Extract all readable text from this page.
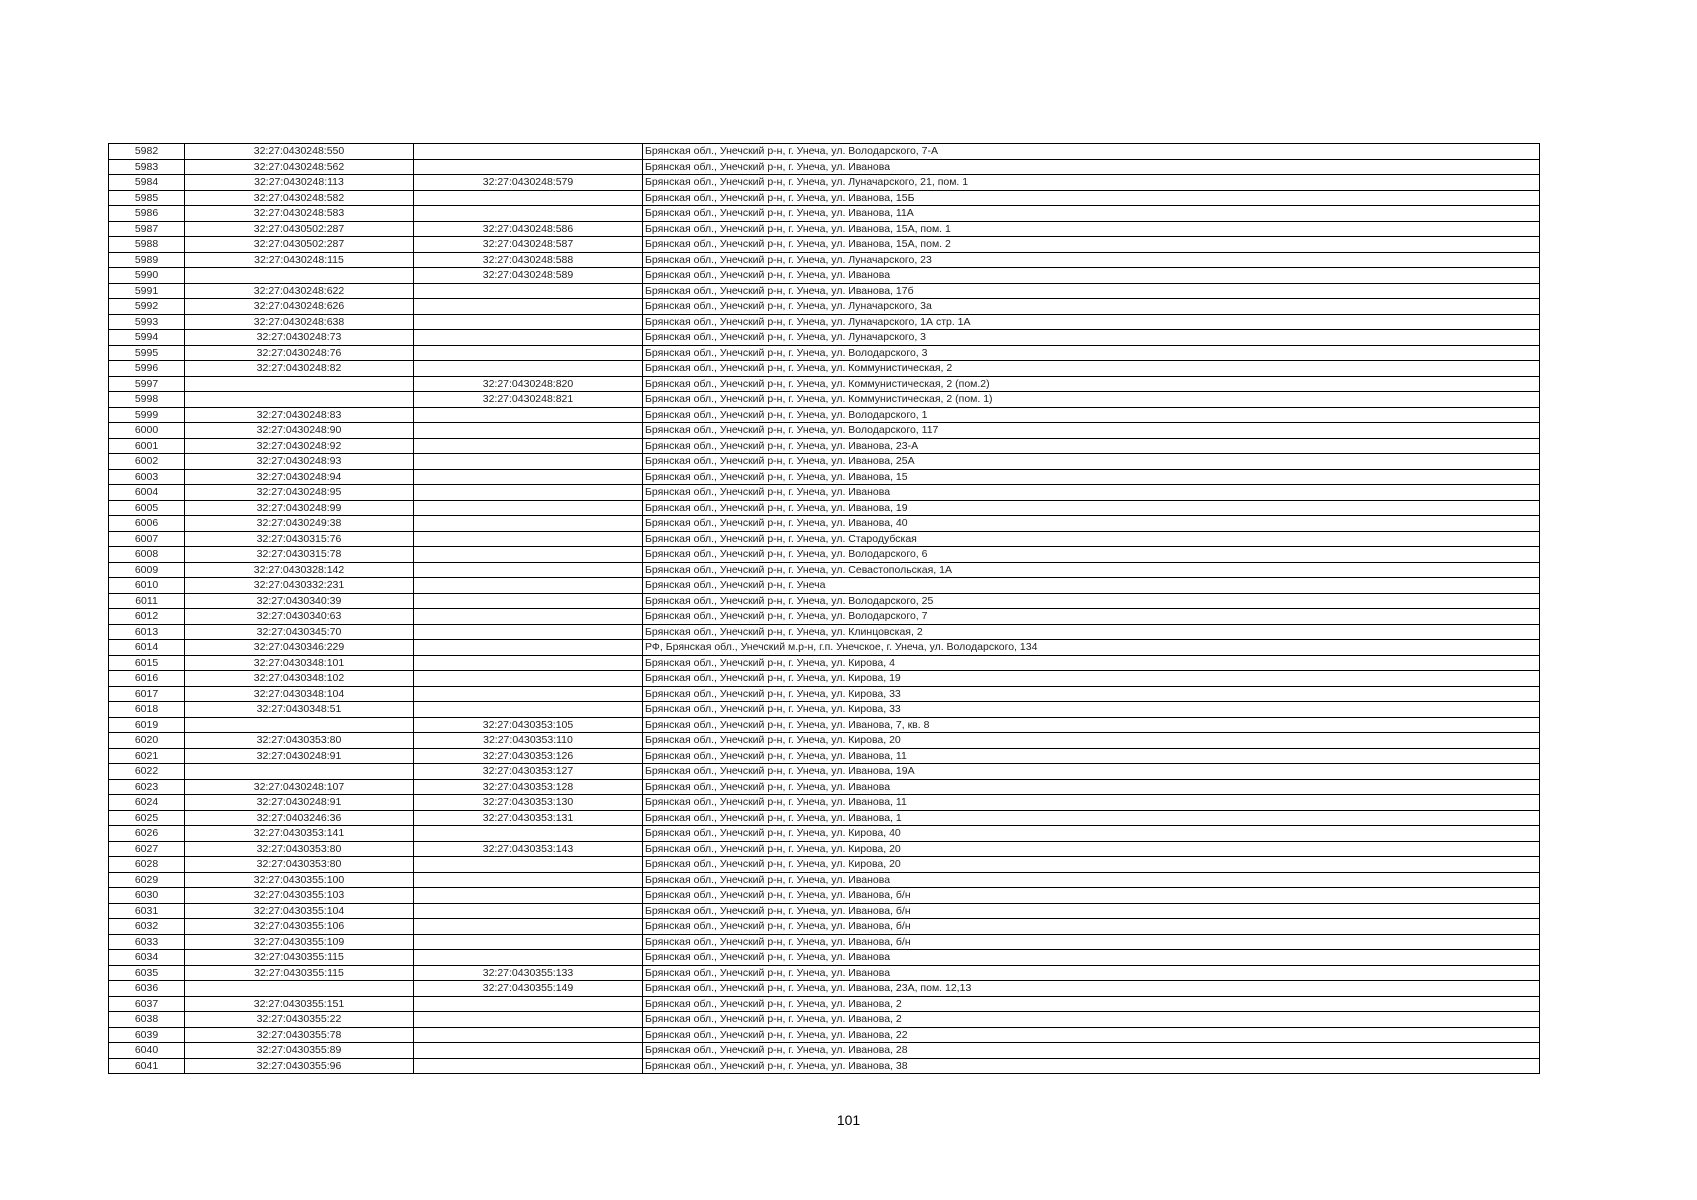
5982	32:27:0430248:550		Брянская обл., Унечский р-н, г. Унеча, ул. Володарского, 7-А
5983	32:27:0430248:562		Брянская обл., Унечский р-н, г. Унеча, ул. Иванова
5984	32:27:0430248:113	32:27:0430248:579	Брянская обл., Унечский р-н, г. Унеча, ул. Луначарского, 21, пом. 1
5985	32:27:0430248:582		Брянская обл., Унечский р-н, г. Унеча, ул. Иванова, 15Б
5986	32:27:0430248:583		Брянская обл., Унечский р-н, г. Унеча, ул. Иванова, 11А
5987	32:27:0430502:287	32:27:0430248:586	Брянская обл., Унечский р-н, г. Унеча, ул. Иванова, 15А, пом. 1
5988	32:27:0430502:287	32:27:0430248:587	Брянская обл., Унечский р-н, г. Унеча, ул. Иванова, 15А, пом. 2
5989	32:27:0430248:115	32:27:0430248:588	Брянская обл., Унечский р-н, г. Унеча, ул. Луначарского, 23
5990		32:27:0430248:589	Брянская обл., Унечский р-н, г. Унеча, ул. Иванова
5991	32:27:0430248:622		Брянская обл., Унечский р-н, г. Унеча, ул. Иванова, 17б
5992	32:27:0430248:626		Брянская обл., Унечский р-н, г. Унеча, ул. Луначарского, 3а
5993	32:27:0430248:638		Брянская обл., Унечский р-н, г. Унеча, ул. Луначарского, 1А стр. 1А
5994	32:27:0430248:73		Брянская обл., Унечский р-н, г. Унеча, ул. Луначарского, 3
5995	32:27:0430248:76		Брянская обл., Унечский р-н, г. Унеча, ул. Володарского, 3
5996	32:27:0430248:82		Брянская обл., Унечский р-н, г. Унеча, ул. Коммунистическая, 2
5997		32:27:0430248:820	Брянская обл., Унечский р-н, г. Унеча, ул. Коммунистическая, 2 (пом.2)
5998		32:27:0430248:821	Брянская обл., Унечский р-н, г. Унеча, ул. Коммунистическая, 2 (пом. 1)
5999	32:27:0430248:83		Брянская обл., Унечский р-н, г. Унеча, ул. Володарского, 1
6000	32:27:0430248:90		Брянская обл., Унечский р-н, г. Унеча, ул. Володарского, 117
6001	32:27:0430248:92		Брянская обл., Унечский р-н, г. Унеча, ул. Иванова, 23-А
6002	32:27:0430248:93		Брянская обл., Унечский р-н, г. Унеча, ул. Иванова, 25А
6003	32:27:0430248:94		Брянская обл., Унечский р-н, г. Унеча, ул. Иванова, 15
6004	32:27:0430248:95		Брянская обл., Унечский р-н, г. Унеча, ул. Иванова
6005	32:27:0430248:99		Брянская обл., Унечский р-н, г. Унеча, ул. Иванова, 19
6006	32:27:0430249:38		Брянская обл., Унечский р-н, г. Унеча, ул. Иванова, 40
6007	32:27:0430315:76		Брянская обл., Унечский р-н, г. Унеча, ул. Стародубская
6008	32:27:0430315:78		Брянская обл., Унечский р-н, г. Унеча, ул. Володарского, 6
6009	32:27:0430328:142		Брянская обл., Унечский р-н, г. Унеча, ул. Севастопольская, 1А
6010	32:27:0430332:231		Брянская обл., Унечский р-н, г. Унеча
6011	32:27:0430340:39		Брянская обл., Унечский р-н, г. Унеча, ул. Володарского, 25
6012	32:27:0430340:63		Брянская обл., Унечский р-н, г. Унеча, ул. Володарского, 7
6013	32:27:0430345:70		Брянская обл., Унечский р-н, г. Унеча, ул. Клинцовская, 2
6014	32:27:0430346:229		РФ, Брянская обл., Унечский м.р-н, г.п. Унечское, г. Унеча, ул. Володарского, 134
6015	32:27:0430348:101		Брянская обл., Унечский р-н, г. Унеча, ул. Кирова, 4
6016	32:27:0430348:102		Брянская обл., Унечский р-н, г. Унеча, ул. Кирова, 19
6017	32:27:0430348:104		Брянская обл., Унечский р-н, г. Унеча, ул. Кирова, 33
6018	32:27:0430348:51		Брянская обл., Унечский р-н, г. Унеча, ул. Кирова, 33
6019		32:27:0430353:105	Брянская обл., Унечский р-н, г. Унеча, ул. Иванова, 7, кв. 8
6020	32:27:0430353:80	32:27:0430353:110	Брянская обл., Унечский р-н, г. Унеча, ул. Кирова, 20
6021	32:27:0430248:91	32:27:0430353:126	Брянская обл., Унечский р-н, г. Унеча, ул. Иванова, 11
6022		32:27:0430353:127	Брянская обл., Унечский р-н, г. Унеча, ул. Иванова, 19А
6023	32:27:0430248:107	32:27:0430353:128	Брянская обл., Унечский р-н, г. Унеча, ул. Иванова
6024	32:27:0430248:91	32:27:0430353:130	Брянская обл., Унечский р-н, г. Унеча, ул. Иванова, 11
6025	32:27:0403246:36	32:27:0430353:131	Брянская обл., Унечский р-н, г. Унеча, ул. Иванова, 1
6026	32:27:0430353:141		Брянская обл., Унечский р-н, г. Унеча, ул. Кирова, 40
6027	32:27:0430353:80	32:27:0430353:143	Брянская обл., Унечский р-н, г. Унеча, ул. Кирова, 20
6028	32:27:0430353:80		Брянская обл., Унечский р-н, г. Унеча, ул. Кирова, 20
6029	32:27:0430355:100		Брянская обл., Унечский р-н, г. Унеча, ул. Иванова
6030	32:27:0430355:103		Брянская обл., Унечский р-н, г. Унеча, ул. Иванова, б/н
6031	32:27:0430355:104		Брянская обл., Унечский р-н, г. Унеча, ул. Иванова, б/н
6032	32:27:0430355:106		Брянская обл., Унечский р-н, г. Унеча, ул. Иванова, б/н
6033	32:27:0430355:109		Брянская обл., Унечский р-н, г. Унеча, ул. Иванова, б/н
6034	32:27:0430355:115		Брянская обл., Унечский р-н, г. Унеча, ул. Иванова
6035	32:27:0430355:115	32:27:0430355:133	Брянская обл., Унечский р-н, г. Унеча, ул. Иванова
6036		32:27:0430355:149	Брянская обл., Унечский р-н, г. Унеча, ул. Иванова, 23А, пом. 12,13
6037	32:27:0430355:151		Брянская обл., Унечский р-н, г. Унеча, ул. Иванова, 2
6038	32:27:0430355:22		Брянская обл., Унечский р-н, г. Унеча, ул. Иванова, 2
6039	32:27:0430355:78		Брянская обл., Унечский р-н, г. Унеча, ул. Иванова, 22
6040	32:27:0430355:89		Брянская обл., Унечский р-н, г. Унеча, ул. Иванова, 28
6041	32:27:0430355:96		Брянская обл., Унечский р-н, г. Унеча, ул. Иванова, 38
101
